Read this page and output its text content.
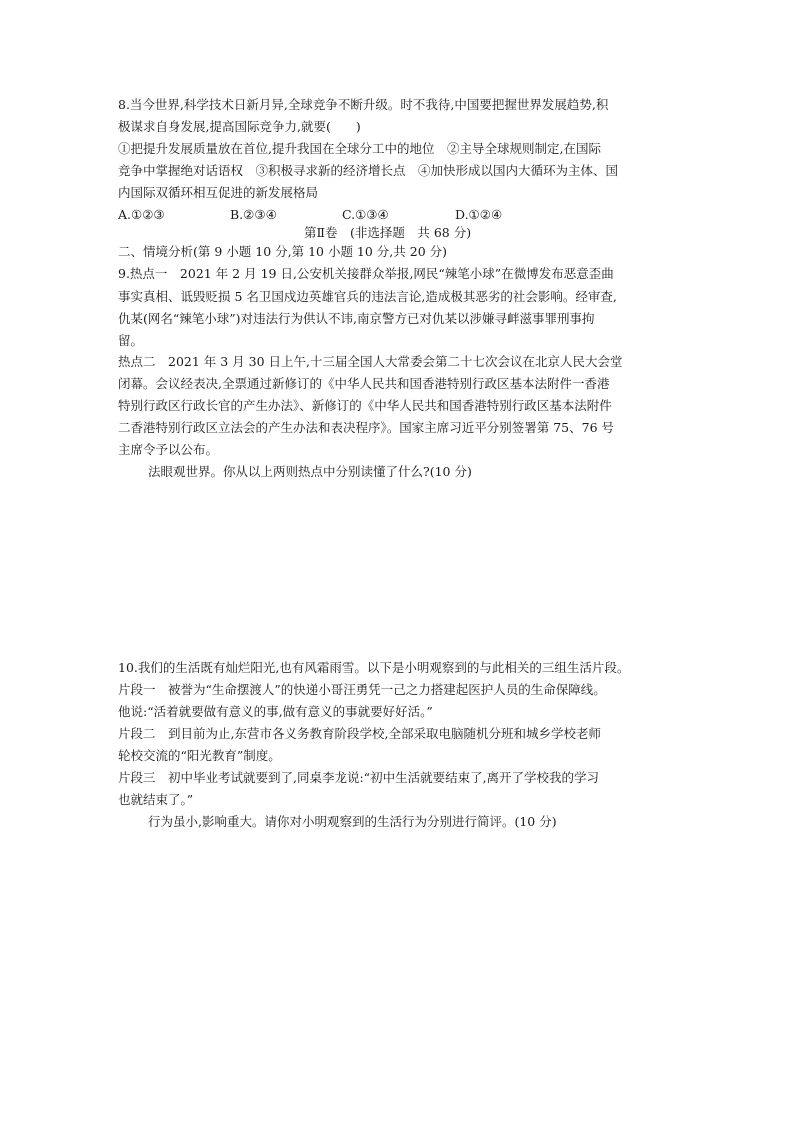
8.当今世界,科学技术日新月异,全球竞争不断升级。时不我待,中国要把握世界发展趋势,积
极谋求自身发展,提高国际竞争力,就要(　　)
①把提升发展质量放在首位,提升我国在全球分工中的地位　②主导全球规则制定,在国际
竞争中掌握绝对话语权　③积极寻求新的经济增长点　④加快形成以国内大循环为主体、国
内国际双循环相互促进的新发展格局
A.①②③	B.②③④	C.①③④	D.①②④
第Ⅱ卷　(非选择题　共 68 分)
二、情境分析(第 9 小题 10 分,第 10 小题 10 分,共 20 分)
9.热点一　2021 年 2 月 19 日,公安机关接群众举报,网民“辣笔小球”在微博发布恶意歪曲
事实真相、诋毁贬损 5 名卫国戍边英雄官兵的违法言论,造成极其恶劣的社会影响。经审查,
仇某(网名“辣笔小球”)对违法行为供认不讳,南京警方已对仇某以涉嫌寻衅滋事罪刑事拘
留。
热点二　2021 年 3 月 30 日上午,十三届全国人大常委会第二十七次会议在北京人民大会堂
闭幕。会议经表决,全票通过新修订的《中华人民共和国香港特别行政区基本法附件一香港
特别行政区行政长官的产生办法》、新修订的《中华人民共和国香港特别行政区基本法附件
二香港特别行政区立法会的产生办法和表决程序》。国家主席习近平分别签署第 75、76 号
主席令予以公布。
法眼观世界。你从以上两则热点中分别读懂了什么?(10 分)
10.我们的生活既有灿烂阳光,也有风霜雨雪。以下是小明观察到的与此相关的三组生活片段。
片段一　被誉为“生命摆渡人”的快递小哥汪勇凭一己之力搭建起医护人员的生命保障线。
他说:“活着就要做有意义的事,做有意义的事就要好好活。”
片段二　到目前为止,东营市各义务教育阶段学校,全部采取电脑随机分班和城乡学校老师
轮校交流的“阳光教育”制度。
片段三　初中毕业考试就要到了,同桌李龙说:“初中生活就要结束了,离开了学校我的学习
也就结束了。”
行为虽小,影响重大。请你对小明观察到的生活行为分别进行简评。(10 分)
